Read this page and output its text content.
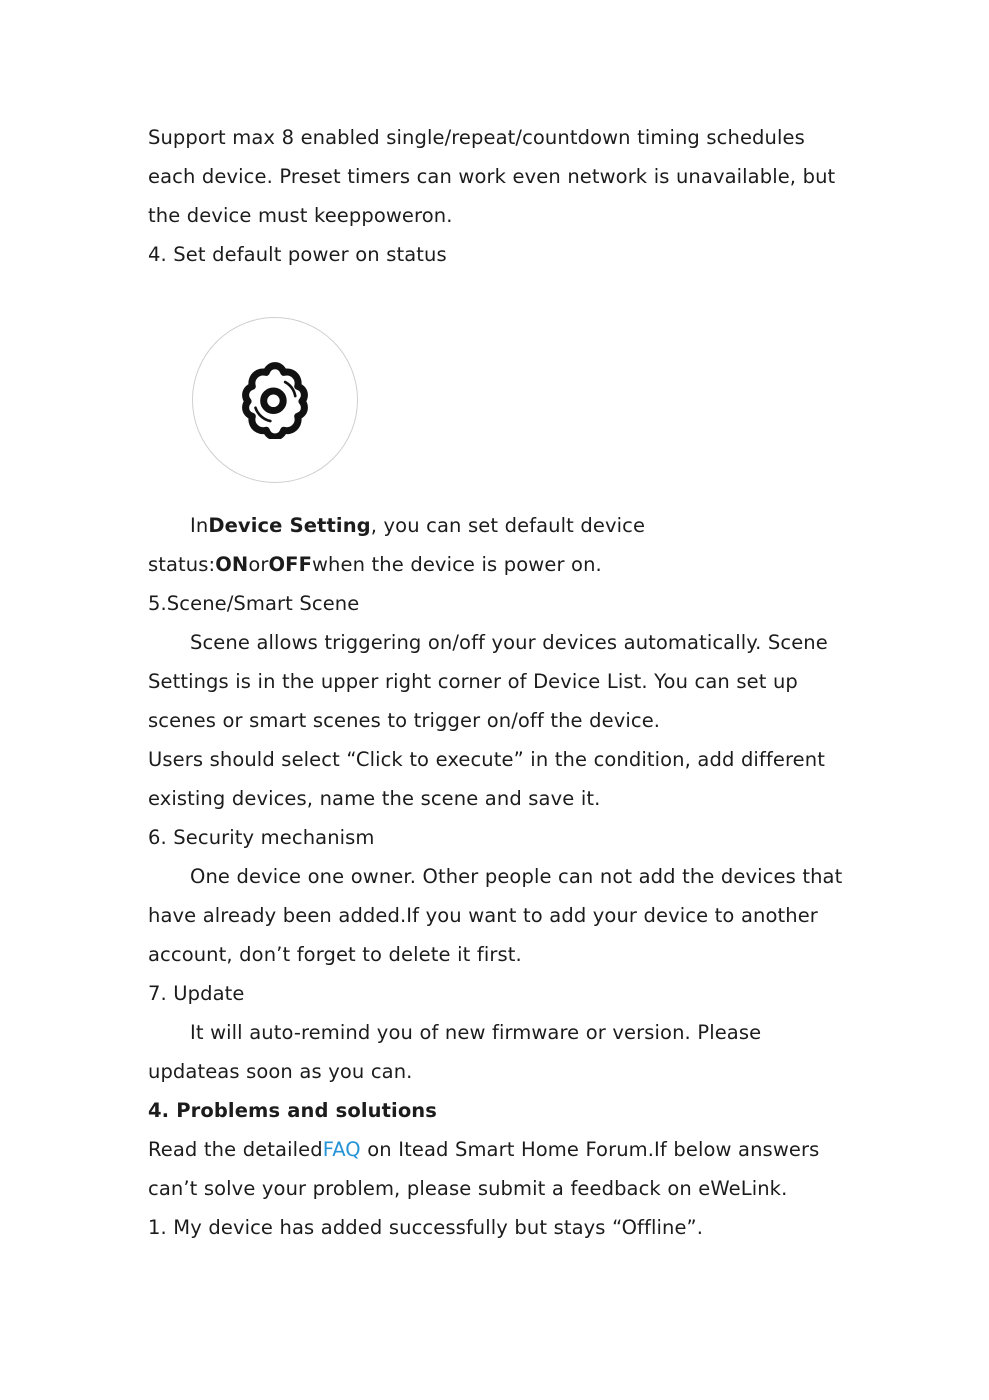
Support max 8 enabled single/repeat/countdown timing schedules

each device. Preset timers can work even network is unavailable, but

the device must keeppoweron.

4. Set default power on status

InDevice Setting, you can set default device

status:ONorOFFwhen the device is power on.

5.Scene/Smart Scene

Scene allows triggering on/off your devices automatically. Scene

Settings is in the upper right corner of Device List. You can set up

scenes or smart scenes to trigger on/off the device.

Users should select “Click to execute” in the condition, add different

existing devices, name the scene and save it.

6. Security mechanism

One device one owner. Other people can not add the devices that

have already been added.If you want to add your device to another

account, don’t forget to delete it first.

7. Update

It will auto-remind you of new firmware or version. Please

updateas soon as you can.

4. Problems and solutions

Read the detailedFAQ on Itead Smart Home Forum.If below answers

can’t solve your problem, please submit a feedback on eWeLink.

1. My device has added successfully but stays “Offline”.
